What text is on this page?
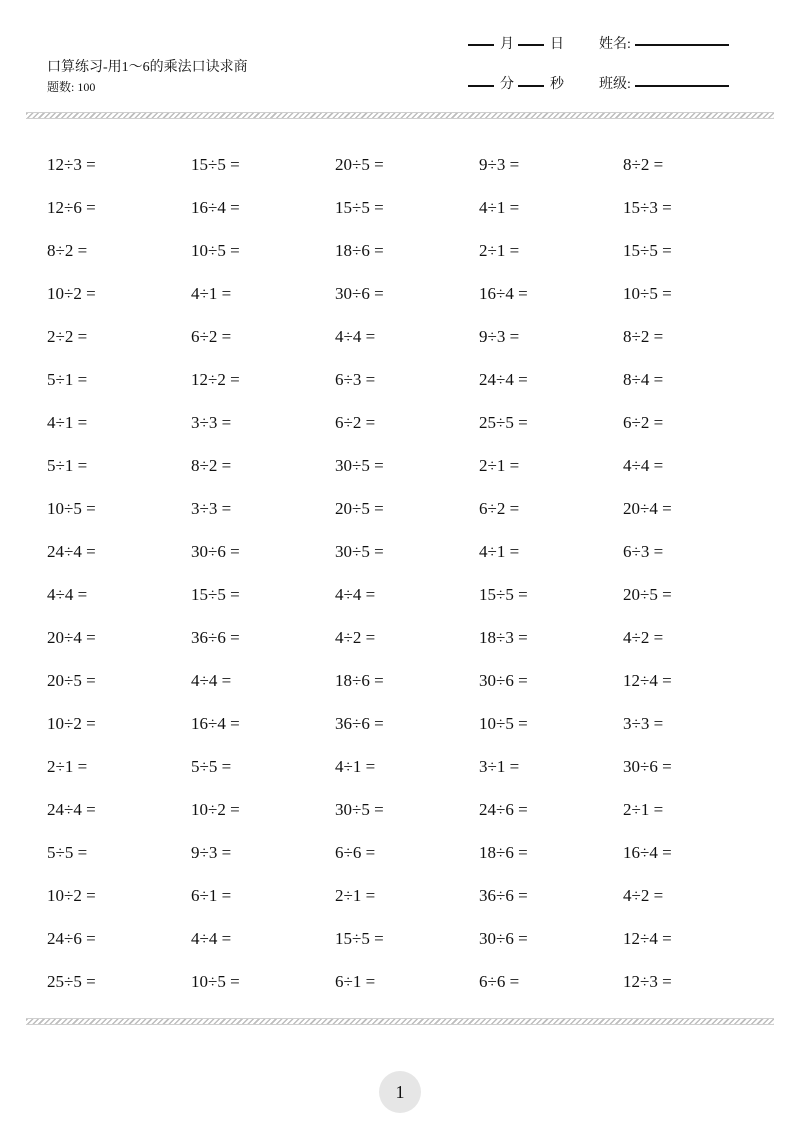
口算练习-用1～6的乘法口诀求商
题数: 100
月	日	姓名:
分	秒	班级:
12÷3 =	15÷5 =	20÷5 =	9÷3 =	8÷2 =
12÷6 =	16÷4 =	15÷5 =	4÷1 =	15÷3 =
8÷2 =	10÷5 =	18÷6 =	2÷1 =	15÷5 =
10÷2 =	4÷1 =	30÷6 =	16÷4 =	10÷5 =
2÷2 =	6÷2 =	4÷4 =	9÷3 =	8÷2 =
5÷1 =	12÷2 =	6÷3 =	24÷4 =	8÷4 =
4÷1 =	3÷3 =	6÷2 =	25÷5 =	6÷2 =
5÷1 =	8÷2 =	30÷5 =	2÷1 =	4÷4 =
10÷5 =	3÷3 =	20÷5 =	6÷2 =	20÷4 =
24÷4 =	30÷6 =	30÷5 =	4÷1 =	6÷3 =
4÷4 =	15÷5 =	4÷4 =	15÷5 =	20÷5 =
20÷4 =	36÷6 =	4÷2 =	18÷3 =	4÷2 =
20÷5 =	4÷4 =	18÷6 =	30÷6 =	12÷4 =
10÷2 =	16÷4 =	36÷6 =	10÷5 =	3÷3 =
2÷1 =	5÷5 =	4÷1 =	3÷1 =	30÷6 =
24÷4 =	10÷2 =	30÷5 =	24÷6 =	2÷1 =
5÷5 =	9÷3 =	6÷6 =	18÷6 =	16÷4 =
10÷2 =	6÷1 =	2÷1 =	36÷6 =	4÷2 =
24÷6 =	4÷4 =	15÷5 =	30÷6 =	12÷4 =
25÷5 =	10÷5 =	6÷1 =	6÷6 =	12÷3 =
1
